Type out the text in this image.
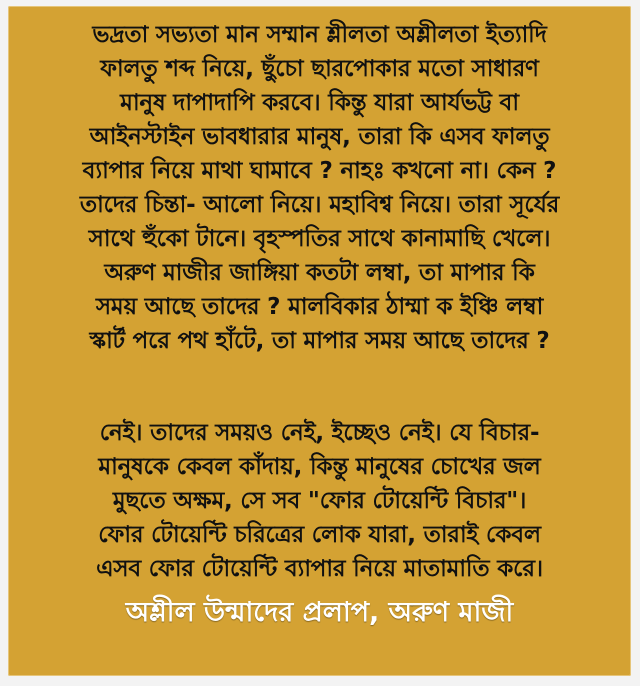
ভদ্রতা সভ্যতা মান সম্মান শ্লীলতা অশ্লীলতা ইত্যাদি
ফালতু শব্দ নিয়ে, ছুঁচো ছারপোকার মতো সাধারণ
মানুষ দাপাদাপি করবে। কিন্তু যারা আর্যভট্ট বা
আইনস্টাইন ভাবধারার মানুষ, তারা কি এসব ফালতু
ব্যাপার নিয়ে মাথা ঘামাবে ? নাহঃ কখনো না। কেন ?
তাদের চিন্তা- আলো নিয়ে। মহাবিশ্ব নিয়ে। তারা সূর্যের
সাথে হুঁকো টানে। বৃহস্পতির সাথে কানামাছি খেলে।
অরুণ মাজীর জাঙ্গিয়া কতটা লম্বা, তা মাপার কি
সময় আছে তাদের ? মালবিকার ঠাম্মা ক ইঞ্চি লম্বা
স্কার্ট পরে পথ হাঁটে, তা মাপার সময় আছে তাদের ?
নেই। তাদের সময়ও নেই, ইচ্ছেও নেই। যে বিচার-
মানুষকে কেবল কাঁদায়, কিন্তু মানুষের চোখের জল
মুছতে অক্ষম, সে সব "ফোর টোয়েন্টি বিচার"।
ফোর টোয়েন্টি চরিত্রের লোক যারা, তারাই কেবল
এসব ফোর টোয়েন্টি ব্যাপার নিয়ে মাতামাতি করে।
অশ্লীল উন্মাদের প্রলাপ, অরুণ মাজী
